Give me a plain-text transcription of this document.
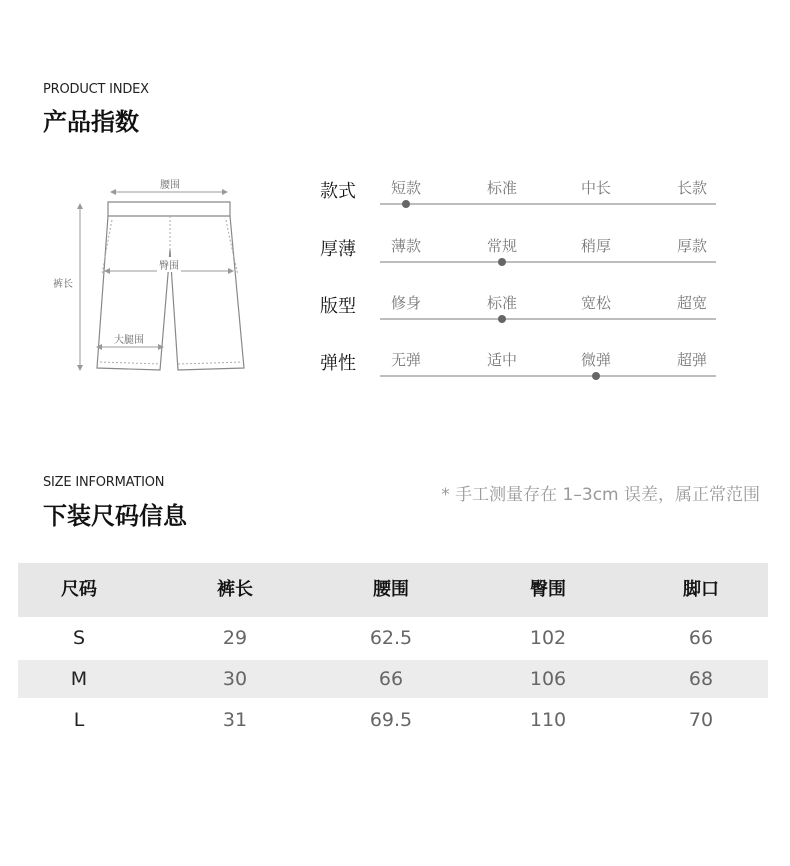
PRODUCT INDEX
产品指数
腰围
臀围
裤长
大腿围
款式	短款	标准	中长	长款
厚薄	薄款	常规	稍厚	厚款
版型	修身	标准	宽松	超宽
弹性	无弹	适中	微弹	超弹
SIZE INFORMATION
下装尺码信息
* 手工测量存在 1–3cm 误差，属正常范围
尺码	裤长	腰围	臀围	脚口
S	29	62.5	102	66
M	30	66	106	68
L	31	69.5	110	70
